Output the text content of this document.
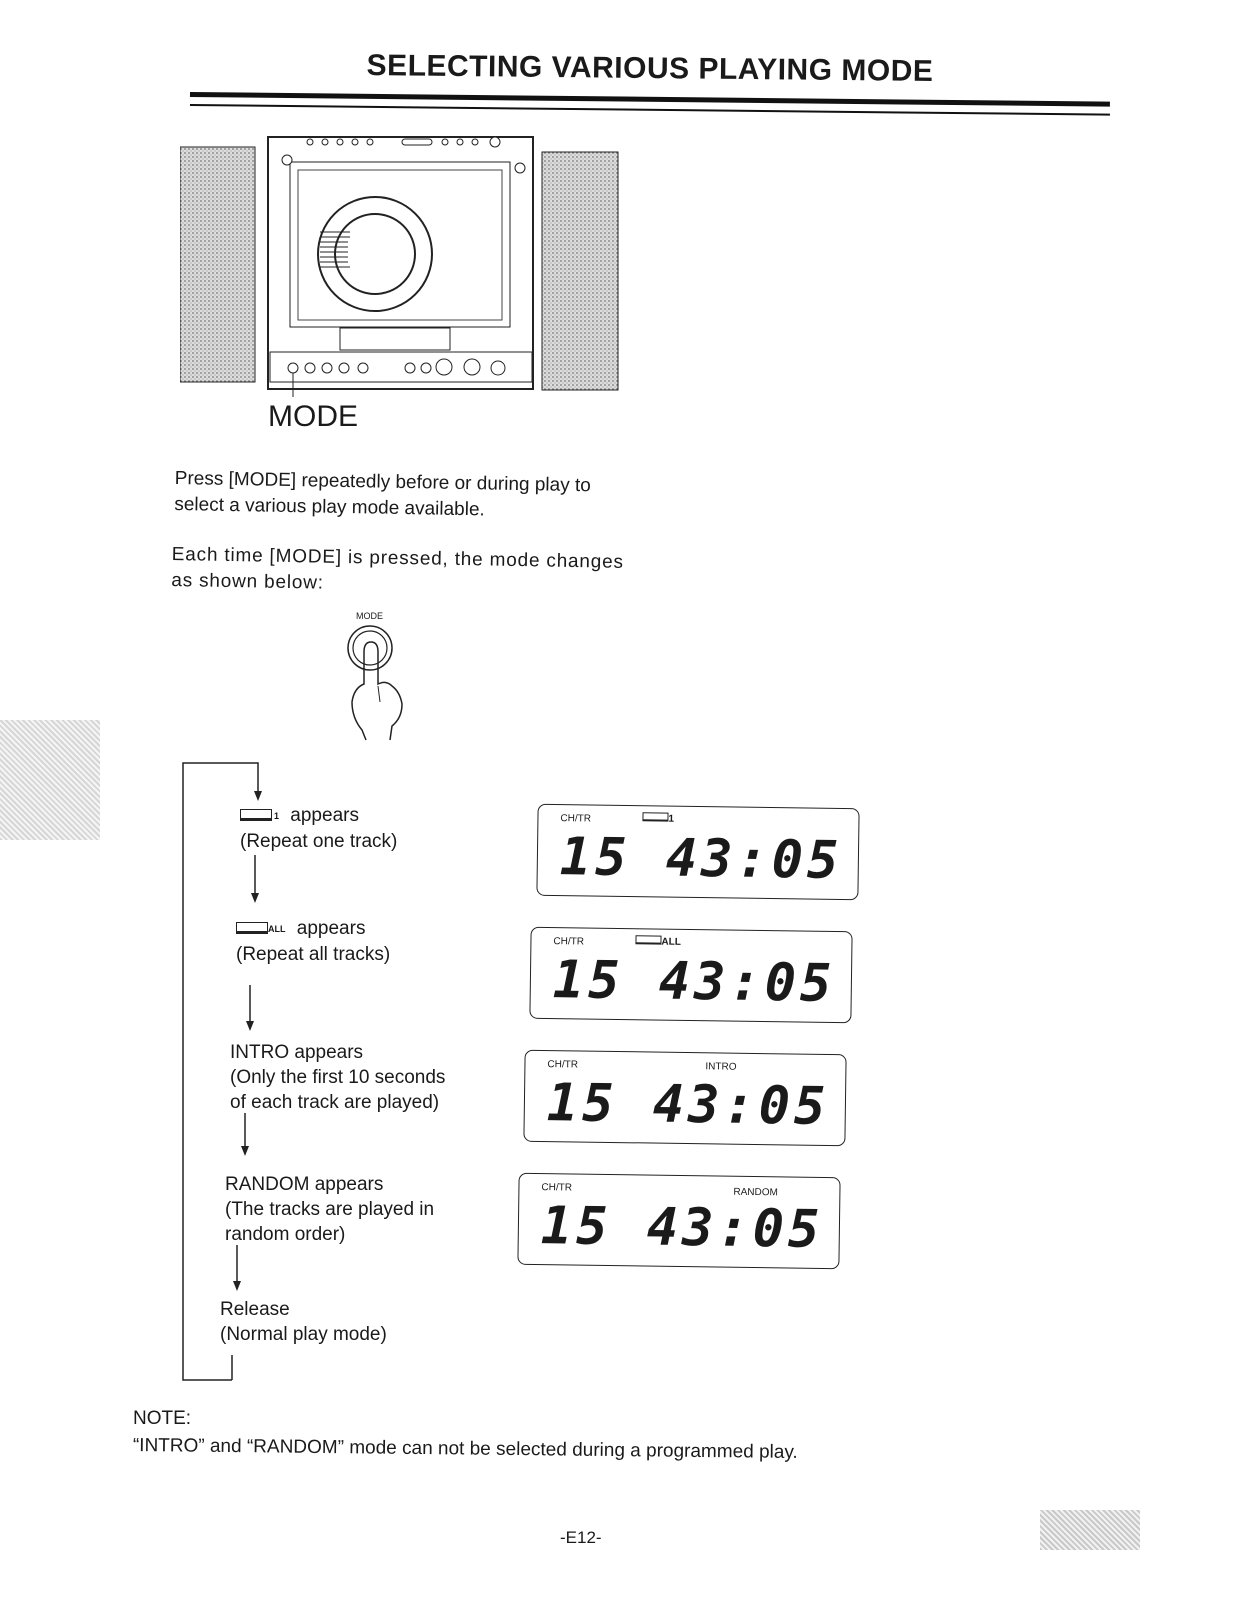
SELECTING VARIOUS PLAYING MODE
MODE
Press [MODE] repeatedly before or during play to select a various play mode available.
Each time [MODE] is pressed, the mode changes as shown below:
MODE
1 appears
(Repeat one track)
ALL appears
(Repeat all tracks)
INTRO appears
(Only the first 10 seconds
of each track are played)
RANDOM appears
(The tracks are played in
random order)
Release
(Normal play mode)
CH/TR	1
15 43:05
CH/TR	ALL
15 43:05
CH/TR	INTRO
15 43:05
CH/TR	RANDOM
15 43:05
NOTE:
“INTRO” and “RANDOM” mode can not be selected during a programmed play.
-E12-
